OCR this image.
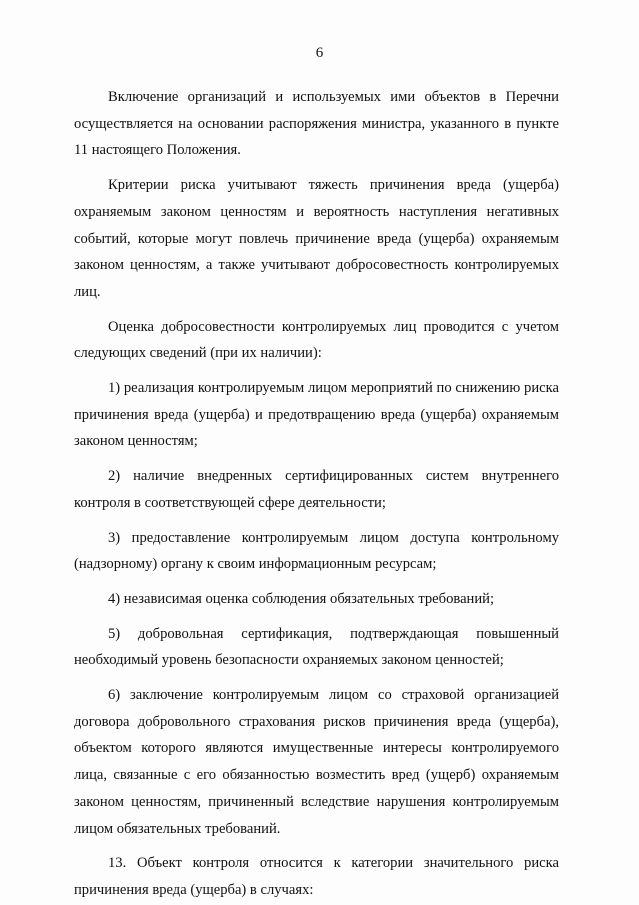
6

Включение организаций и используемых ими объектов в Перечни осуществляется на основании распоряжения министра, указанного в пункте 11 настоящего Положения.

Критерии риска учитывают тяжесть причинения вреда (ущерба) охраняемым законом ценностям и вероятность наступления негативных событий, которые могут повлечь причинение вреда (ущерба) охраняемым законом ценностям, а также учитывают добросовестность контролируемых лиц.

Оценка добросовестности контролируемых лиц проводится с учетом следующих сведений (при их наличии):

1) реализация контролируемым лицом мероприятий по снижению риска причинения вреда (ущерба) и предотвращению вреда (ущерба) охраняемым законом ценностям;

2) наличие внедренных сертифицированных систем внутреннего контроля в соответствующей сфере деятельности;

3) предоставление контролируемым лицом доступа контрольному (надзорному) органу к своим информационным ресурсам;

4) независимая оценка соблюдения обязательных требований;

5) добровольная сертификация, подтверждающая повышенный необходимый уровень безопасности охраняемых законом ценностей;

6) заключение контролируемым лицом со страховой организацией договора добровольного страхования рисков причинения вреда (ущерба), объектом которого являются имущественные интересы контролируемого лица, связанные с его обязанностью возместить вред (ущерб) охраняемым законом ценностям, причиненный вследствие нарушения контролируемым лицом обязательных требований.

13. Объект контроля относится к категории значительного риска причинения вреда (ущерба) в случаях:
